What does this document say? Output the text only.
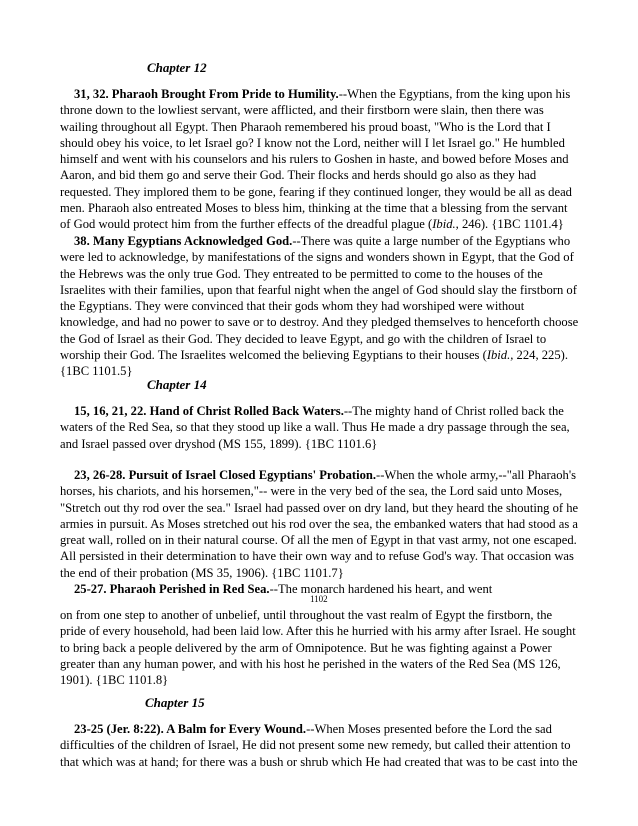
Chapter 12
31, 32. Pharaoh Brought From Pride to Humility.--When the Egyptians, from the king upon his throne down to the lowliest servant, were afflicted, and their firstborn were slain, then there was wailing throughout all Egypt. Then Pharaoh remembered his proud boast, "Who is the Lord that I should obey his voice, to let Israel go? I know not the Lord, neither will I let Israel go." He humbled himself and went with his counselors and his rulers to Goshen in haste, and bowed before Moses and Aaron, and bid them go and serve their God. Their flocks and herds should go also as they had requested. They implored them to be gone, fearing if they continued longer, they would be all as dead men. Pharaoh also entreated Moses to bless him, thinking at the time that a blessing from the servant of God would protect him from the further effects of the dreadful plague (Ibid., 246). {1BC 1101.4}
38. Many Egyptians Acknowledged God.--There was quite a large number of the Egyptians who were led to acknowledge, by manifestations of the signs and wonders shown in Egypt, that the God of the Hebrews was the only true God. They entreated to be permitted to come to the houses of the Israelites with their families, upon that fearful night when the angel of God should slay the firstborn of the Egyptians. They were convinced that their gods whom they had worshiped were without knowledge, and had no power to save or to destroy. And they pledged themselves to henceforth choose the God of Israel as their God. They decided to leave Egypt, and go with the children of Israel to worship their God. The Israelites welcomed the believing Egyptians to their houses (Ibid., 224, 225). {1BC 1101.5}
Chapter 14
15, 16, 21, 22. Hand of Christ Rolled Back Waters.--The mighty hand of Christ rolled back the waters of the Red Sea, so that they stood up like a wall. Thus He made a dry passage through the sea, and Israel passed over dryshod (MS 155, 1899). {1BC 1101.6}
23, 26-28. Pursuit of Israel Closed Egyptians' Probation.--When the whole army,--"all Pharaoh's horses, his chariots, and his horsemen,"-- were in the very bed of the sea, the Lord said unto Moses, "Stretch out thy rod over the sea." Israel had passed over on dry land, but they heard the shouting of he armies in pursuit. As Moses stretched out his rod over the sea, the embanked waters that had stood as a great wall, rolled on in their natural course. Of all the men of Egypt in that vast army, not one escaped. All persisted in their determination to have their own way and to refuse God's way. That occasion was the end of their probation (MS 35, 1906). {1BC 1101.7}
25-27. Pharaoh Perished in Red Sea.--The monarch hardened his heart, and went
1102
on from one step to another of unbelief, until throughout the vast realm of Egypt the firstborn, the pride of every household, had been laid low. After this he hurried with his army after Israel. He sought to bring back a people delivered by the arm of Omnipotence. But he was fighting against a Power greater than any human power, and with his host he perished in the waters of the Red Sea (MS 126, 1901). {1BC 1101.8}
Chapter 15
23-25 (Jer. 8:22). A Balm for Every Wound.--When Moses presented before the Lord the sad difficulties of the children of Israel, He did not present some new remedy, but called their attention to that which was at hand; for there was a bush or shrub which He had created that was to be cast into the
